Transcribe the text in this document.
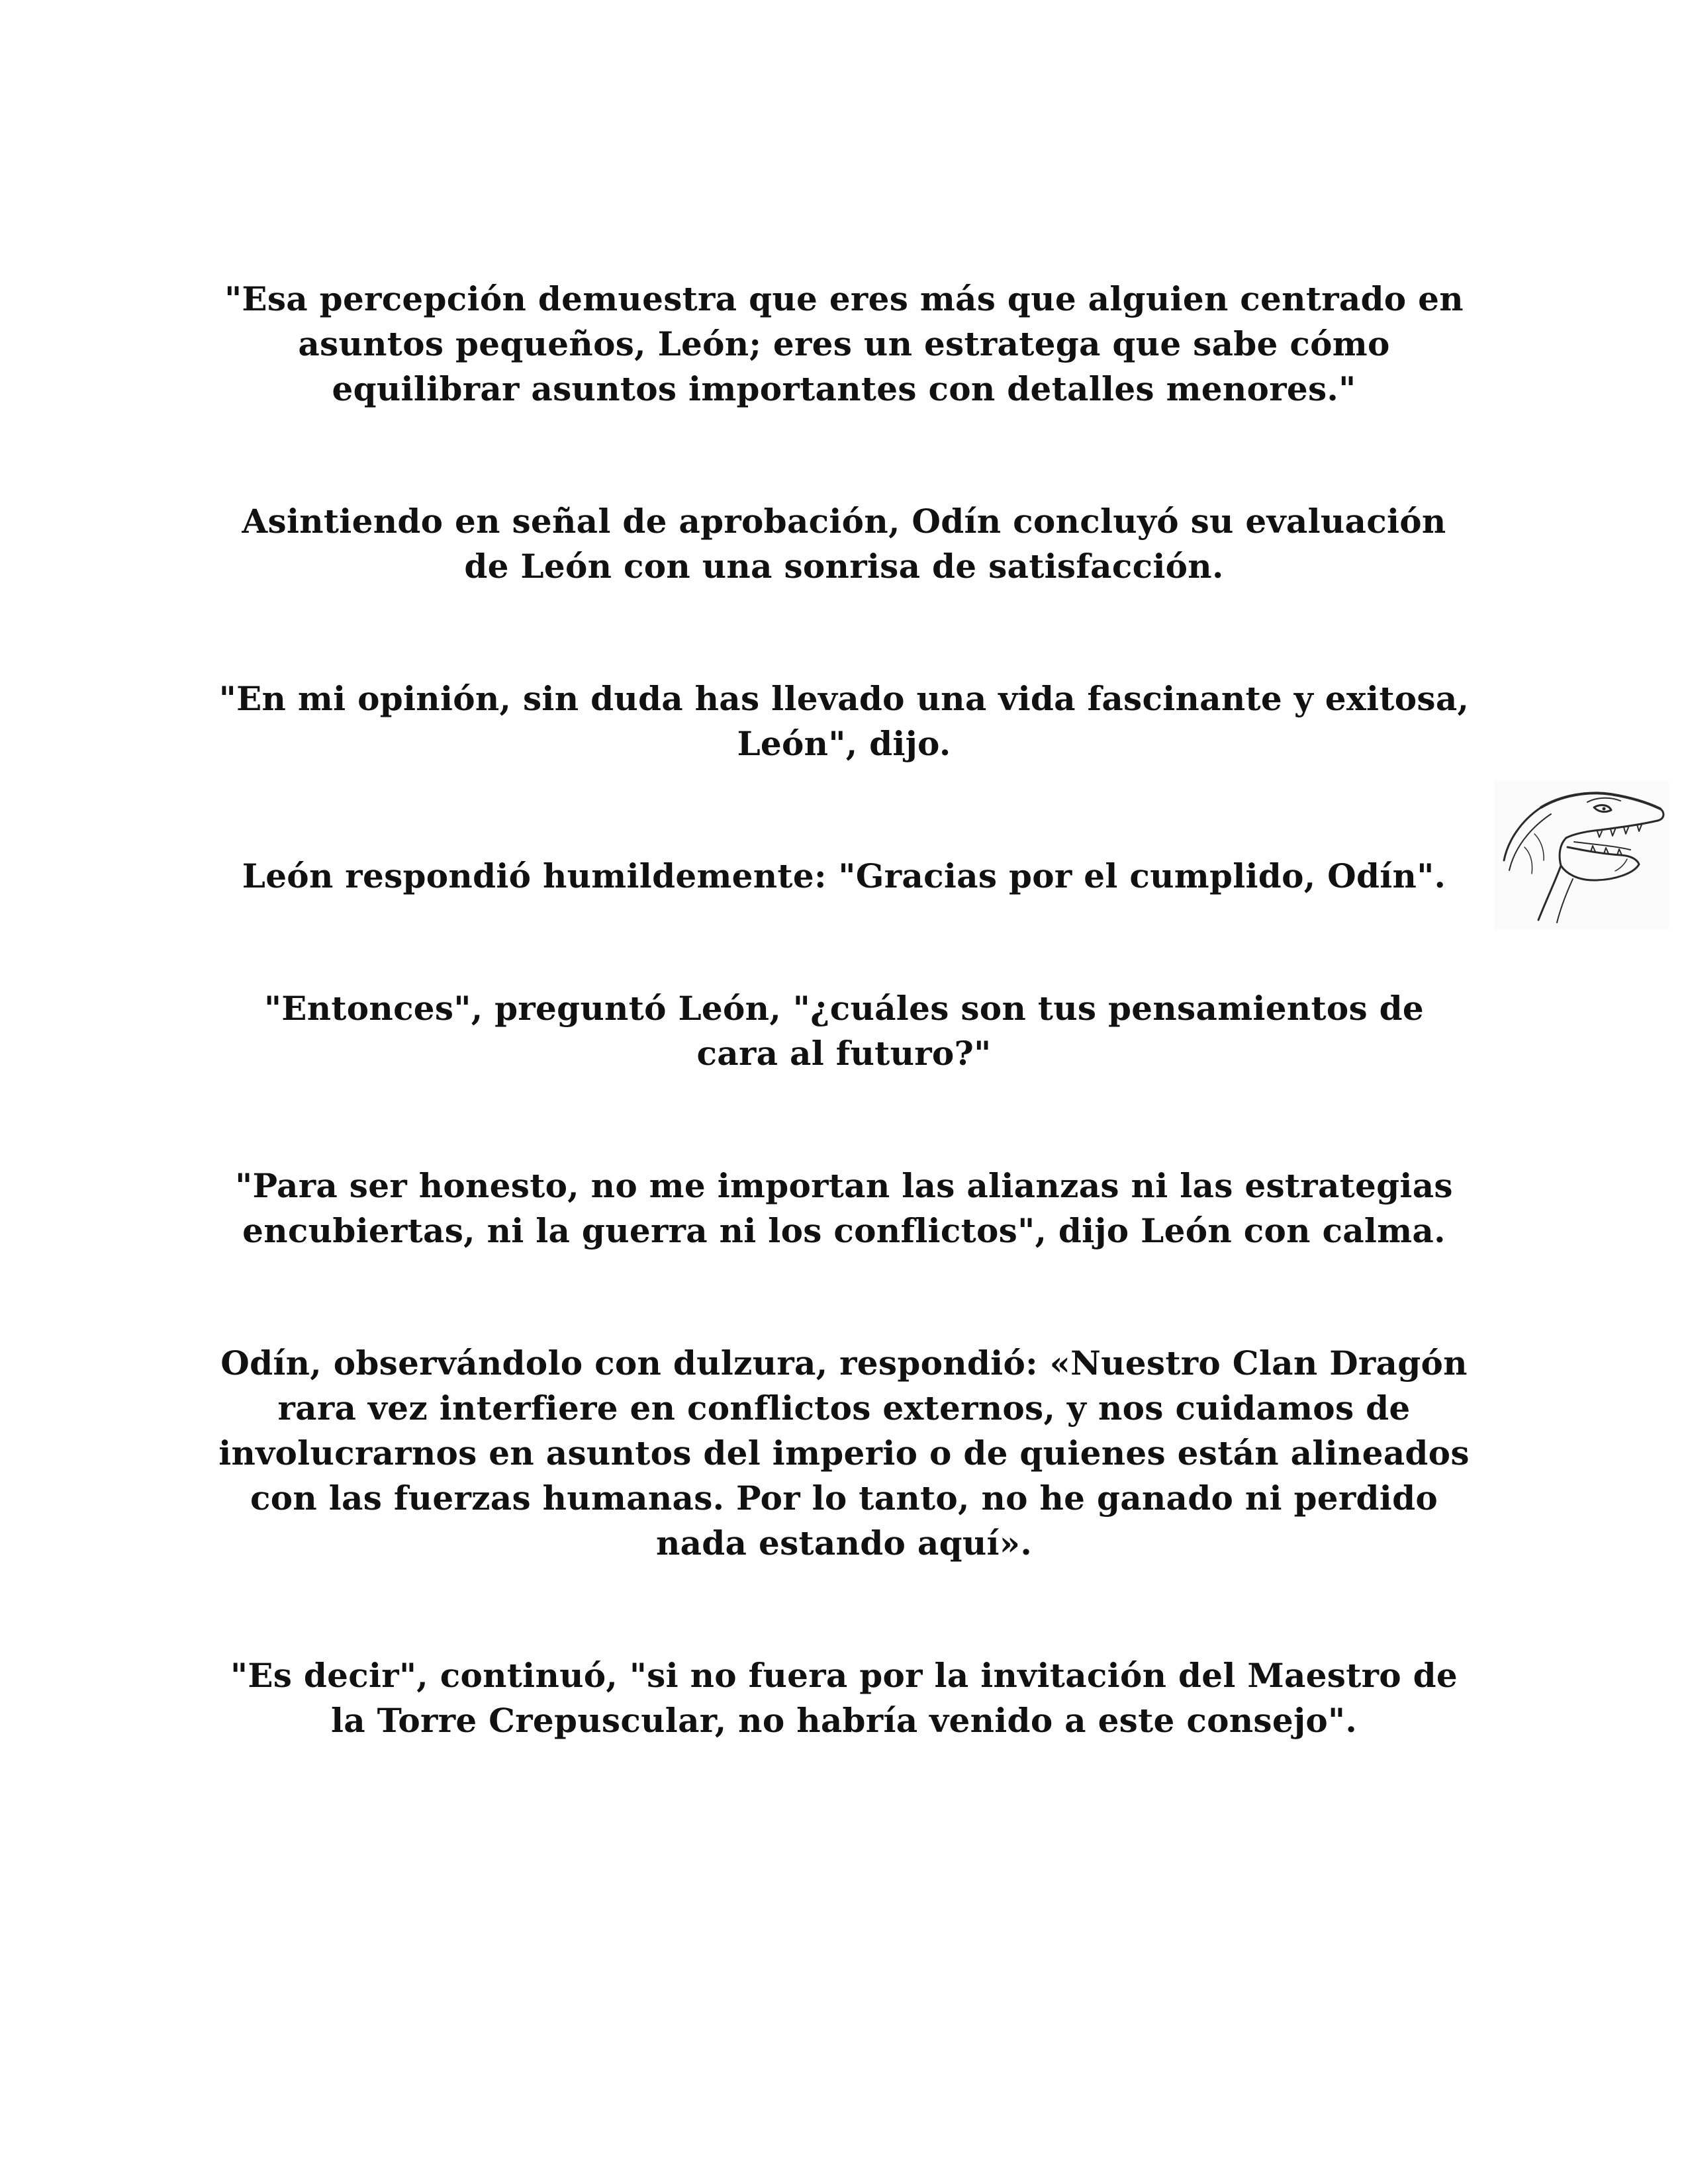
"Esa percepción demuestra que eres más que alguien centrado en asuntos pequeños, León; eres un estratega que sabe cómo equilibrar asuntos importantes con detalles menores."

Asintiendo en señal de aprobación, Odín concluyó su evaluación de León con una sonrisa de satisfacción.

"En mi opinión, sin duda has llevado una vida fascinante y exitosa, León", dijo.

León respondió humildemente: "Gracias por el cumplido, Odín".

"Entonces", preguntó León, "¿cuáles son tus pensamientos de cara al futuro?"

"Para ser honesto, no me importan las alianzas ni las estrategias encubiertas, ni la guerra ni los conflictos", dijo León con calma.

Odín, observándolo con dulzura, respondió: «Nuestro Clan Dragón rara vez interfiere en conflictos externos, y nos cuidamos de involucrarnos en asuntos del imperio o de quienes están alineados con las fuerzas humanas. Por lo tanto, no he ganado ni perdido nada estando aquí».

"Es decir", continuó, "si no fuera por la invitación del Maestro de la Torre Crepuscular, no habría venido a este consejo".
